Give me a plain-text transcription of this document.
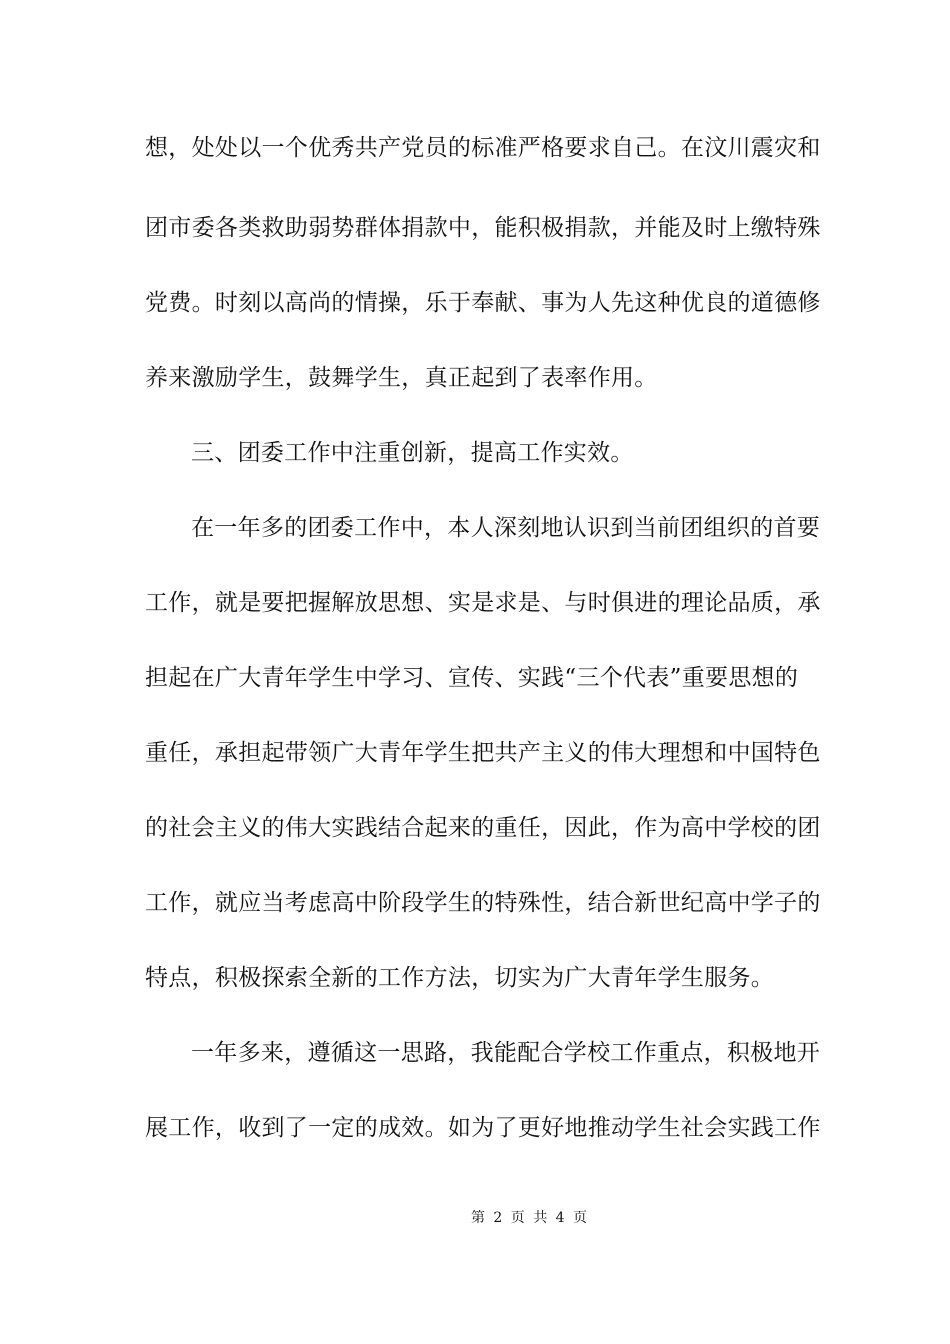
想，处处以一个优秀共产党员的标准严格要求自己。在汶川震灾和
团市委各类救助弱势群体捐款中，能积极捐款，并能及时上缴特殊
党费。时刻以高尚的情操，乐于奉献、事为人先这种优良的道德修
养来激励学生，鼓舞学生，真正起到了表率作用。
三、团委工作中注重创新，提高工作实效。
在一年多的团委工作中，本人深刻地认识到当前团组织的首要
工作，就是要把握解放思想、实是求是、与时俱进的理论品质，承
担起在广大青年学生中学习、宣传、实践“三个代表”重要思想的
重任，承担起带领广大青年学生把共产主义的伟大理想和中国特色
的社会主义的伟大实践结合起来的重任，因此，作为高中学校的团
工作，就应当考虑高中阶段学生的特殊性，结合新世纪高中学子的
特点，积极探索全新的工作方法，切实为广大青年学生服务。
一年多来，遵循这一思路，我能配合学校工作重点，积极地开
展工作，收到了一定的成效。如为了更好地推动学生社会实践工作
第 2 页 共 4 页
